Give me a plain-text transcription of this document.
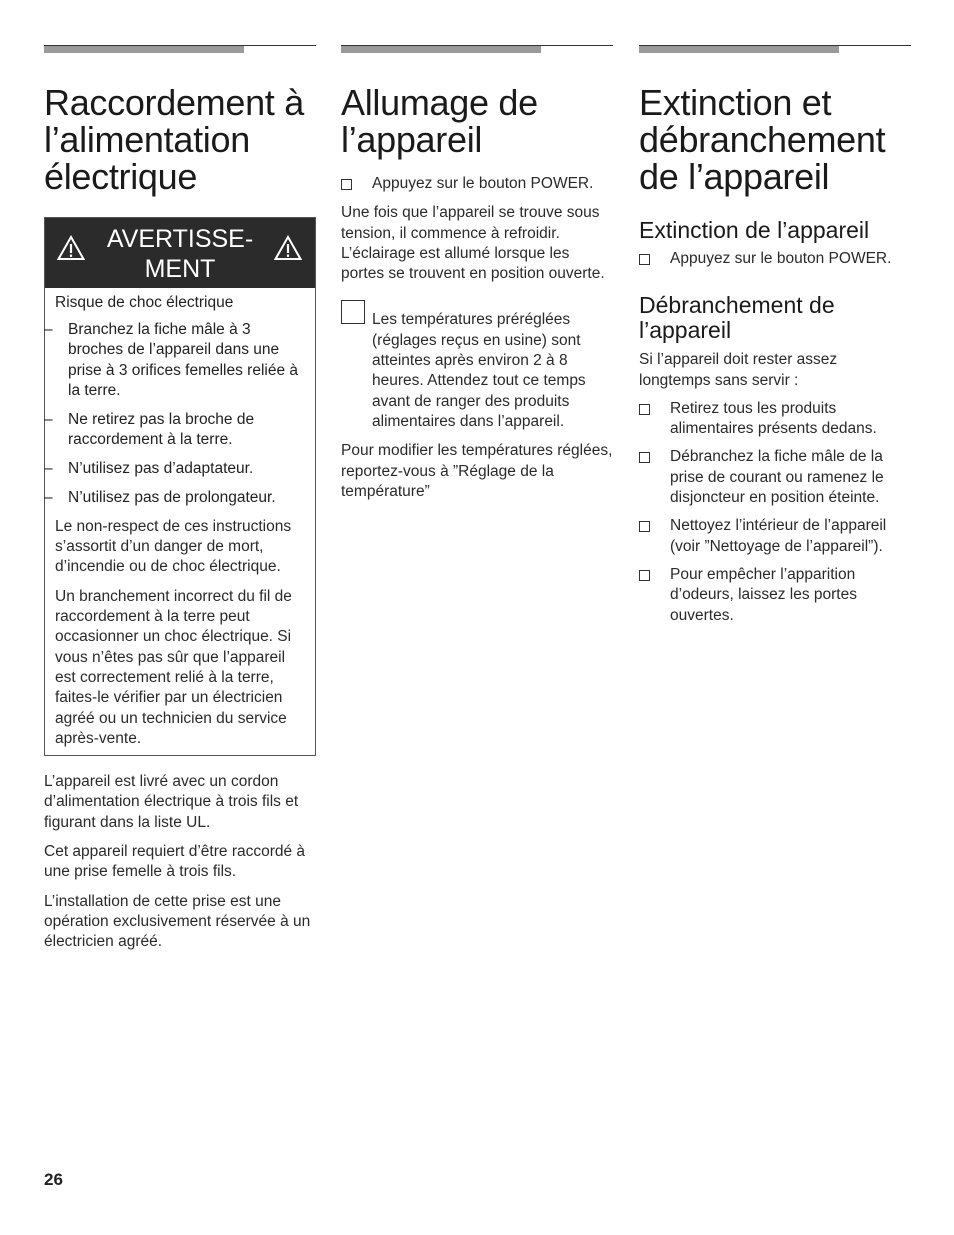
Raccordement à l’alimentation électrique
AVERTISSE-
MENT
Risque de choc électrique
– Branchez la fiche mâle à 3 broches de l’appareil dans une prise à 3 orifices femelles reliée à la terre.
– Ne retirez pas la broche de raccordement à la terre.
– N’utilisez pas d’adaptateur.
– N’utilisez pas de prolongateur.

Le non-respect de ces instructions s’assortit d’un danger de mort, d’incendie ou de choc électrique.

Un branchement incorrect du fil de raccordement à la terre peut occasionner un choc électrique. Si vous n’êtes pas sûr que l’appareil est correctement relié à la terre, faites-le vérifier par un électricien agréé ou un technicien du service après-vente.

L’appareil est livré avec un cordon d’alimentation électrique à trois fils et figurant dans la liste UL.

Cet appareil requiert d’être raccordé à une prise femelle à trois fils.

L’installation de cette prise est une opération exclusivement réservée à un électricien agréé.

Allumage de l’appareil
Appuyez sur le bouton POWER.

Une fois que l’appareil se trouve sous tension, il commence à refroidir. L’éclairage est allumé lorsque les portes se trouvent en position ouverte.

Les températures préréglées (réglages reçus en usine) sont atteintes après environ 2 à 8 heures. Attendez tout ce temps avant de ranger des produits alimentaires dans l’appareil.

Pour modifier les températures réglées, reportez-vous à ”Réglage de la température”

Extinction et débranchement de l’appareil
Extinction de l’appareil
Appuyez sur le bouton POWER.
Débranchement de l’appareil

Si l’appareil doit rester assez longtemps sans servir :

Retirez tous les produits alimentaires présents dedans.
Débranchez la fiche mâle de la prise de courant ou ramenez le disjoncteur en position éteinte.
Nettoyez l’intérieur de l’appareil (voir ”Nettoyage de l’appareil”).
Pour empêcher l’apparition d’odeurs, laissez les portes ouvertes.
26
